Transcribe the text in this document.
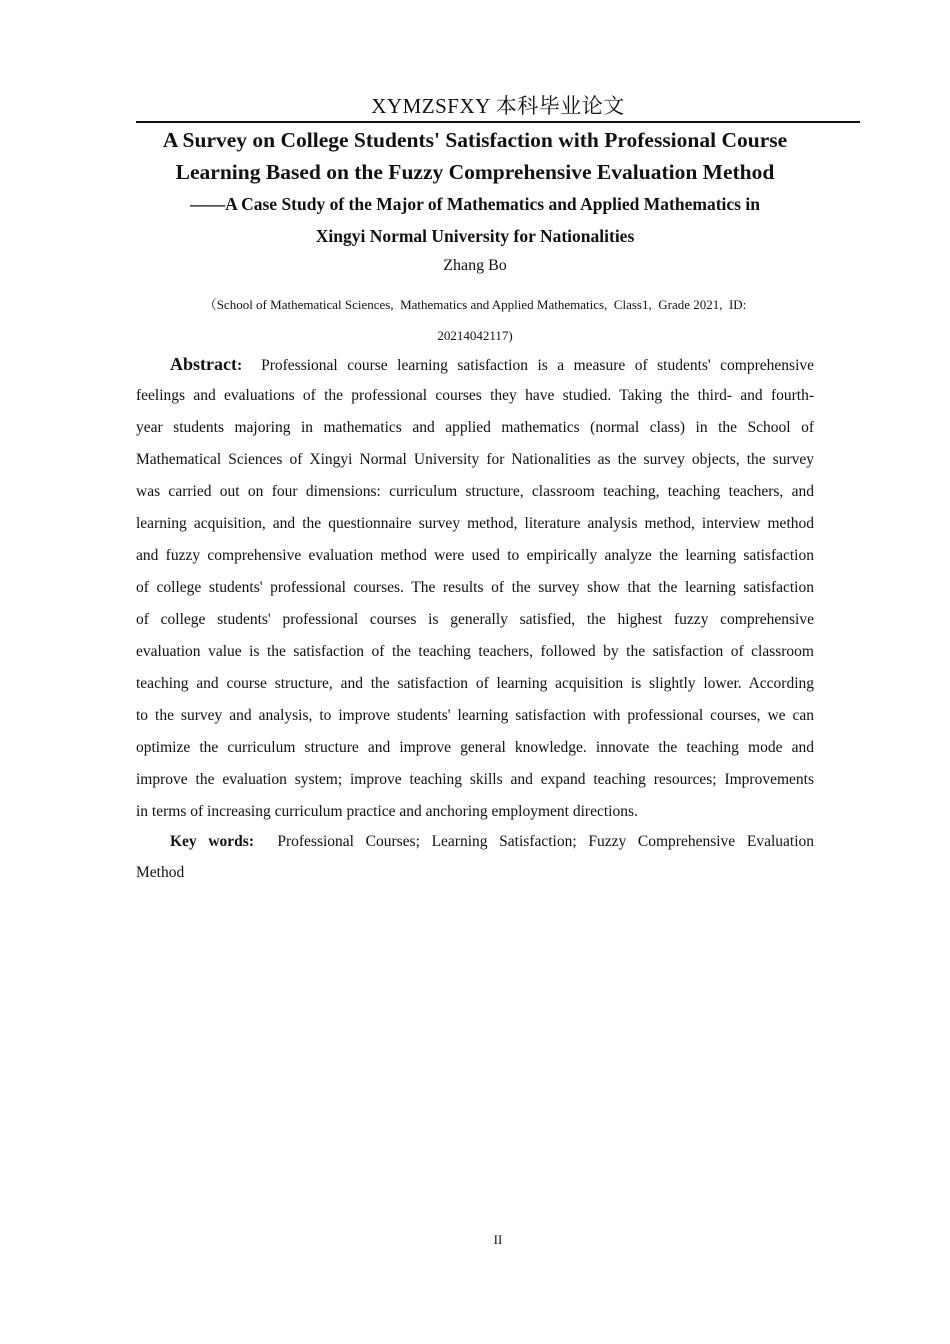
XYMZSFXY 本科毕业论文
A Survey on College Students' Satisfaction with Professional Course
Learning Based on the Fuzzy Comprehensive Evaluation Method
——A Case Study of the Major of Mathematics and Applied Mathematics in
Xingyi Normal University for Nationalities
Zhang Bo
（School of Mathematical Sciences,  Mathematics and Applied Mathematics,  Class1,  Grade 2021,  ID:
20214042117)
Abstract: Professional course learning satisfaction is a measure of students' comprehensive
feelings and evaluations of the professional courses they have studied. Taking the third- and fourth-
year students majoring in mathematics and applied mathematics (normal class) in the School of
Mathematical Sciences of Xingyi Normal University for Nationalities as the survey objects, the survey
was carried out on four dimensions: curriculum structure, classroom teaching, teaching teachers, and
learning acquisition, and the questionnaire survey method, literature analysis method, interview method
and fuzzy comprehensive evaluation method were used to empirically analyze the learning satisfaction
of college students' professional courses. The results of the survey show that the learning satisfaction
of college students' professional courses is generally satisfied, the highest fuzzy comprehensive
evaluation value is the satisfaction of the teaching teachers, followed by the satisfaction of classroom
teaching and course structure, and the satisfaction of learning acquisition is slightly lower. According
to the survey and analysis, to improve students' learning satisfaction with professional courses, we can
optimize the curriculum structure and improve general knowledge. innovate the teaching mode and
improve the evaluation system; improve teaching skills and expand teaching resources; Improvements
in terms of increasing curriculum practice and anchoring employment directions.
Key words: Professional Courses; Learning Satisfaction; Fuzzy Comprehensive Evaluation
Method
II
